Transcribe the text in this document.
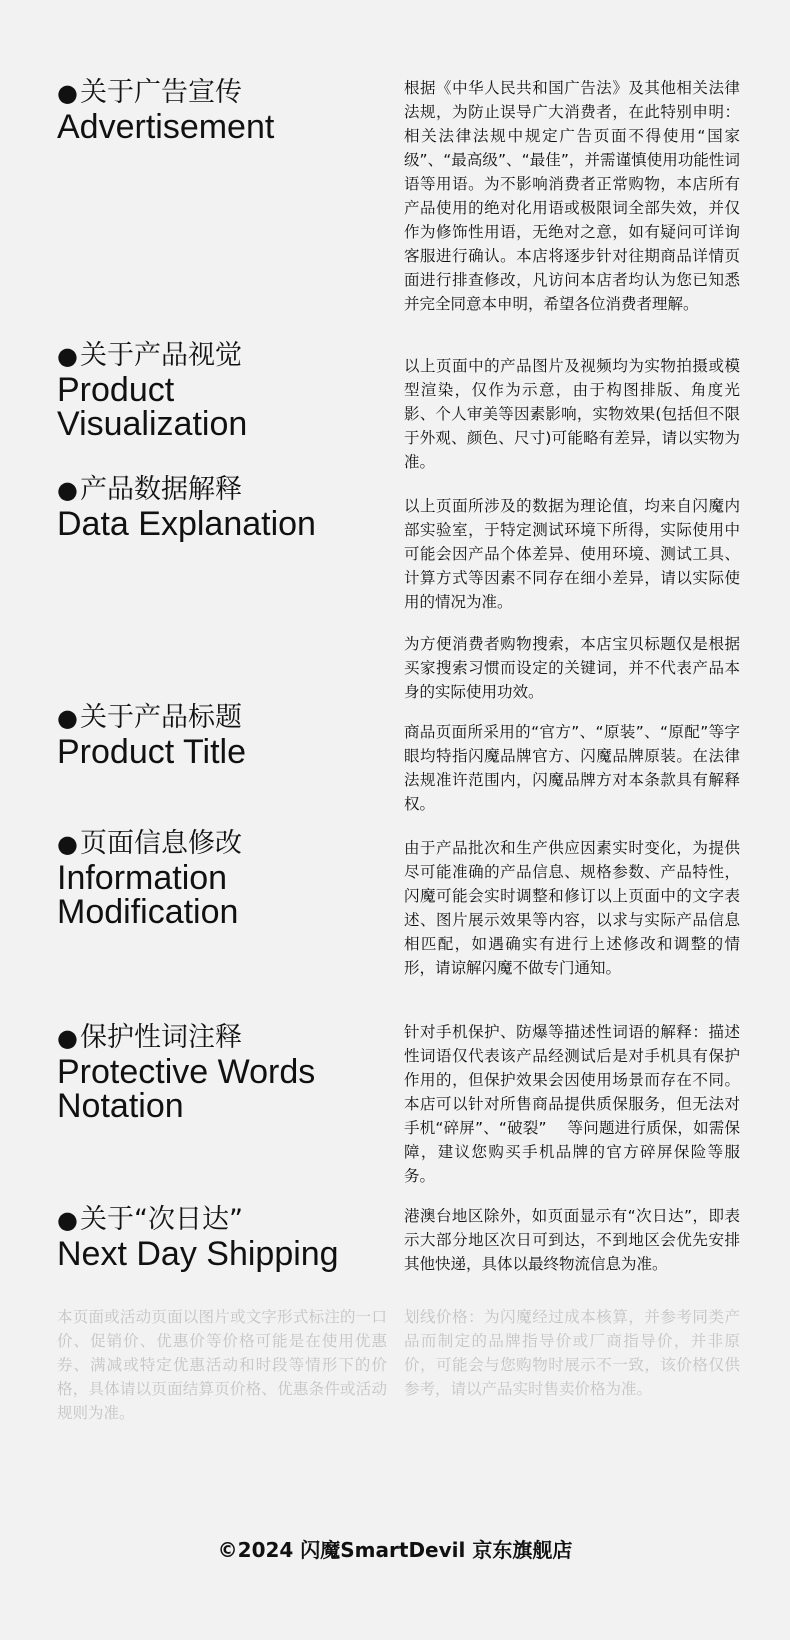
●关于广告宣传
Advertisement

根据《中华人民共和国广告法》及其他相关法律法规，为防止误导广大消费者，在此特别申明：相关法律法规中规定广告页面不得使用“国家级”、“最高级”、“最佳”，并需谨慎使用功能性词语等用语。为不影响消费者正常购物，本店所有产品使用的绝对化用语或极限词全部失效，并仅作为修饰性用语，无绝对之意，如有疑问可详询客服进行确认。本店将逐步针对往期商品详情页面进行排查修改，凡访问本店者均认为您已知悉并完全同意本申明，希望各位消费者理解。

●关于产品视觉
Product
Visualization

以上页面中的产品图片及视频均为实物拍摄或模型渲染，仅作为示意，由于构图排版、角度光影、个人审美等因素影响，实物效果(包括但不限于外观、颜色、尺寸)可能略有差异，请以实物为准。

●产品数据解释
Data Explanation	以上页面所涉及的数据为理论值，均来自闪魔内部实验室，于特定测试环境下所得，实际使用中可能会因产品个体差异、使用环境、测试工具、计算方式等因素不同存在细小差异，请以实际使用的情况为准。

为方便消费者购物搜索，本店宝贝标题仅是根据买家搜索习惯而设定的关键词，并不代表产品本身的实际使用功效。

●关于产品标题
Product Title

商品页面所采用的“官方”、“原装”、“原配”等字眼均特指闪魔品牌官方、闪魔品牌原装。在法律法规准许范围内，闪魔品牌方对本条款具有解释权。

●页面信息修改
Information
Modification

由于产品批次和生产供应因素实时变化，为提供尽可能准确的产品信息、规格参数、产品特性，闪魔可能会实时调整和修订以上页面中的文字表述、图片展示效果等内容，以求与实际产品信息相匹配，如遇确实有进行上述修改和调整的情形，请谅解闪魔不做专门通知。

●保护性词注释
Protective Words
Notation

针对手机保护、防爆等描述性词语的解释：描述性词语仅代表该产品经测试后是对手机具有保护作用的，但保护效果会因使用场景而存在不同。本店可以针对所售商品提供质保服务，但无法对手机“碎屏”、“破裂”　 等问题进行质保，如需保障，建议您购买手机品牌的官方碎屏保险等服务。

●关于“次日达”
Next Day Shipping

港澳台地区除外，如页面显示有“次日达”，即表示大部分地区次日可到达，不到地区会优先安排其他快递，具体以最终物流信息为准。

本页面或活动页面以图片或文字形式标注的一口价、促销价、优惠价等价格可能是在使用优惠券、满减或特定优惠活动和时段等情形下的价格，具体请以页面结算页价格、优惠条件或活动规则为准。
划线价格：为闪魔经过成本核算，并参考同类产品而制定的品牌指导价或厂商指导价，并非原价，可能会与您购物时展示不一致，该价格仅供参考，请以产品实时售卖价格为准。
©2024 闪魔SmartDevil 京东旗舰店
